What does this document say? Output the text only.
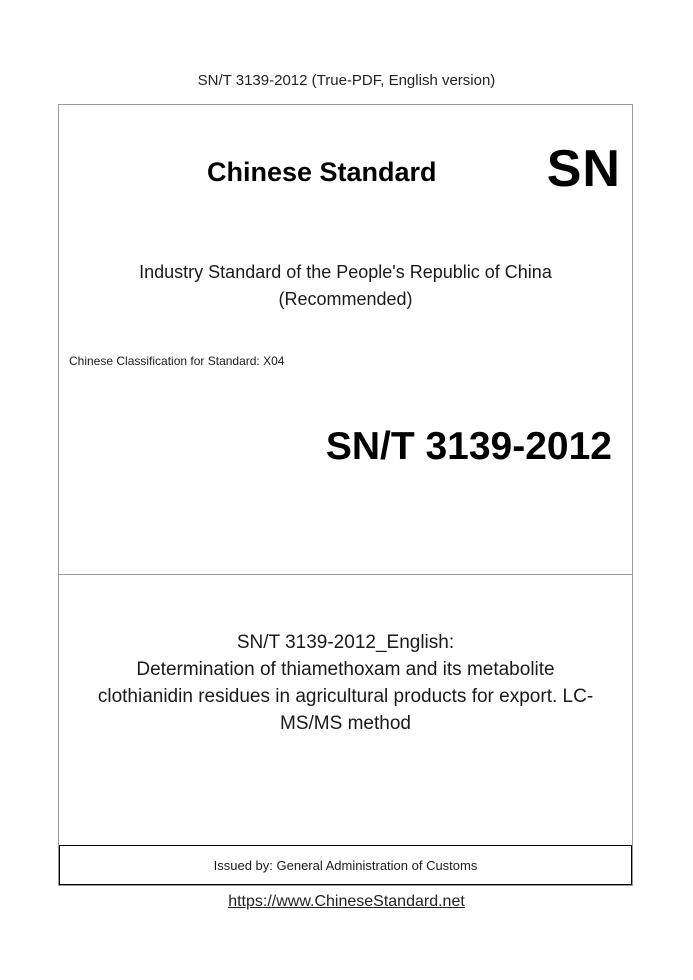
SN/T 3139-2012 (True-PDF, English version)
Chinese Standard SN
Industry Standard of the People's Republic of China
(Recommended)
Chinese Classification for Standard: X04
SN/T 3139-2012
SN/T 3139-2012_English:
Determination of thiamethoxam and its metabolite
clothianidin residues in agricultural products for export. LC-
MS/MS method
Issued by: General Administration of Customs
https://www.ChineseStandard.net
